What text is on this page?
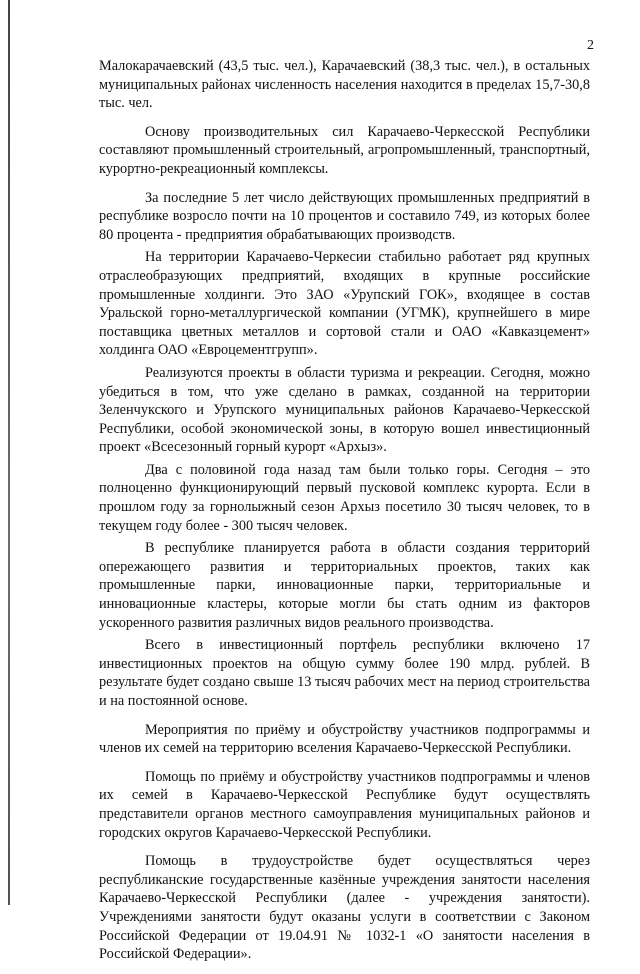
2

Малокарачаевский (43,5 тыс. чел.), Карачаевский (38,3 тыс. чел.), в остальных муниципальных районах численность населения находится в пределах 15,7-30,8 тыс. чел.

Основу производительных сил Карачаево-Черкесской Республики составляют промышленный строительный, агропромышленный, транспортный, курортно-рекреационный комплексы.

За последние 5 лет число действующих промышленных предприятий в республике возросло почти на 10 процентов и составило 749, из которых более 80 процента - предприятия обрабатывающих производств.

На территории Карачаево-Черкесии стабильно работает ряд крупных отраслеобразующих предприятий, входящих в крупные российские промышленные холдинги. Это ЗАО «Урупский ГОК», входящее в состав Уральской горно-металлургической компании (УГМК), крупнейшего в мире поставщика цветных металлов и сортовой стали и ОАО «Кавказцемент» холдинга ОАО «Евроцементгрупп».

Реализуются проекты в области туризма и рекреации. Сегодня, можно убедиться в том, что уже сделано в рамках, созданной на территории Зеленчукского и Урупского муниципальных районов Карачаево-Черкесской Республики, особой экономической зоны, в которую вошел инвестиционный проект «Всесезонный горный курорт «Архыз».

Два с половиной года назад там были только горы. Сегодня – это полноценно функционирующий первый пусковой комплекс курорта. Если в прошлом году за горнолыжный сезон Архыз посетило 30 тысяч человек, то в текущем году более - 300 тысяч человек.

В республике планируется работа в области создания территорий опережающего развития и территориальных проектов, таких как промышленные парки, инновационные парки, территориальные и инновационные кластеры, которые могли бы стать одним из факторов ускоренного развития различных видов реального производства.

Всего в инвестиционный портфель республики включено 17 инвестиционных проектов на общую сумму более 190 млрд. рублей. В результате будет создано свыше 13 тысяч рабочих мест на период строительства и на постоянной основе.

Мероприятия по приёму и обустройству участников подпрограммы и членов их семей на территорию вселения Карачаево-Черкесской Республики.

Помощь по приёму и обустройству участников подпрограммы и членов их семей в Карачаево-Черкесской Республике будут осуществлять представители органов местного самоуправления муниципальных районов и городских округов Карачаево-Черкесской Республики.

Помощь в трудоустройстве будет осуществляться через республиканские государственные казённые учреждения занятости населения Карачаево-Черкесской Республики (далее - учреждения занятости). Учреждениями занятости будут оказаны услуги в соответствии с Законом Российской Федерации от 19.04.91 № 1032-1 «О занятости населения в Российской Федерации».
